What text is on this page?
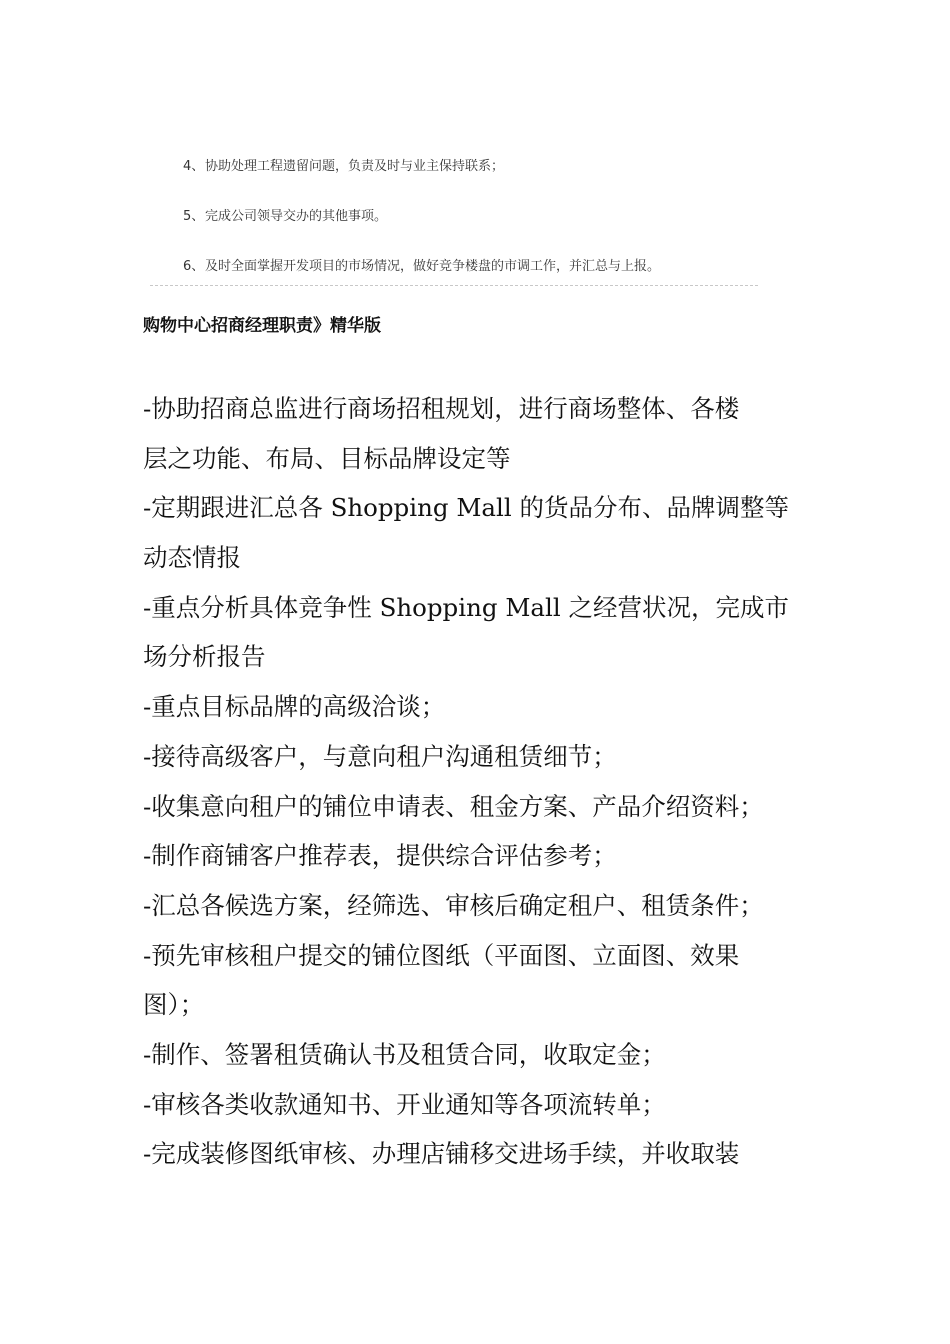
4、协助处理工程遗留问题，负责及时与业主保持联系；
5、完成公司领导交办的其他事项。
6、及时全面掌握开发项目的市场情况，做好竞争楼盘的市调工作，并汇总与上报。
购物中心招商经理职责》精华版
-协助招商总监进行商场招租规划，进行商场整体、各楼
层之功能、布局、目标品牌设定等
-定期跟进汇总各 Shopping Mall 的货品分布、品牌调整等
动态情报
-重点分析具体竞争性 Shopping Mall 之经营状况，完成市
场分析报告
-重点目标品牌的高级洽谈；
-接待高级客户，与意向租户沟通租赁细节；
-收集意向租户的铺位申请表、租金方案、产品介绍资料；
-制作商铺客户推荐表，提供综合评估参考；
-汇总各候选方案，经筛选、审核后确定租户、租赁条件；
-预先审核租户提交的铺位图纸（平面图、立面图、效果
图）；
-制作、签署租赁确认书及租赁合同，收取定金；
-审核各类收款通知书、开业通知等各项流转单；
-完成装修图纸审核、办理店铺移交进场手续，并收取装
